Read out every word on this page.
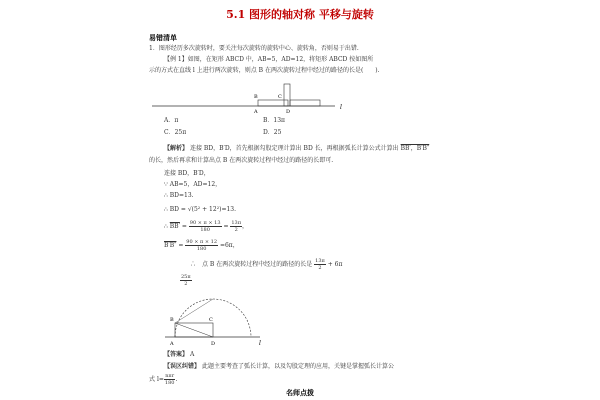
5.1 图形的轴对称 平移与旋转
易错清单
1．图形经历多次旋转时，要关注每次旋转的旋转中心、旋转角，否则易于出错.
【例 1】如图，在矩形 ABCD 中，AB=5，AD=12，将矩形 ABCD 按如图所
示的方式在直线 l 上进行两次旋转，则点 B 在两次旋转过程中经过的路径的长是(　　).
B
A
C
D
l
A．π	B．13π
C．25π	D．25
【解析】 连接 BD，B′D，首先根据勾股定理计算出 BD 长，再根据弧长计算公式计算出 BB′，B′B″
的长，然后再求和计算出点 B 在两次旋转过程中经过的路径的长即可.
连接 BD，B′D，
∵ AB=5，AD=12，
∴ BD=13.
∴ BD = √(5² + 12²)=13.
∴ $BB' = \frac{90 \times \pi \times 13}{180} = \frac{13\pi}{2}$ ，
$B'B'' = \frac{90 \times \pi \times 12}{180} =6\pi$，
∴　点 B 在两次旋转过程中经过的路径的长是 $\frac{13\pi}{2} + 6\pi$
$\frac{25\pi}{2}$
B
A
C
D	l
【答案】 A
【误区纠错】 此题主要考查了弧长计算，以及勾股定理的应用，关键是掌握弧长计算公
式 $l= \frac{\text{nπr}}{180}$ .
名师点拨
